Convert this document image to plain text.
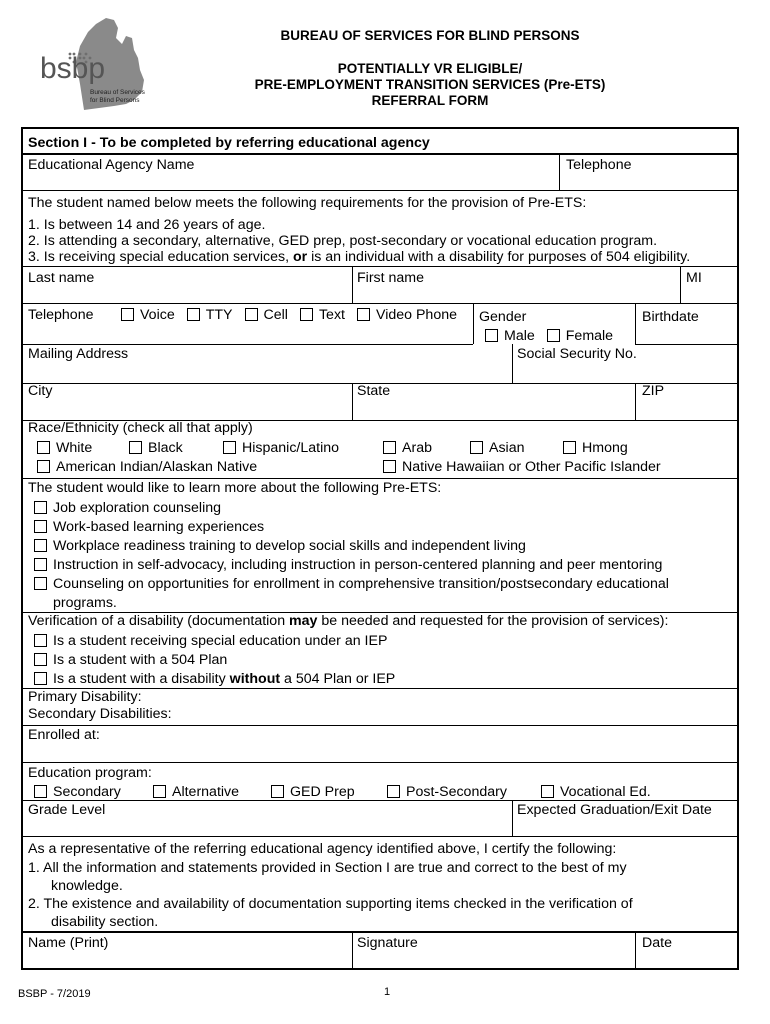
bsbp
Bureau of Services
for Blind Persons
BUREAU OF SERVICES FOR BLIND PERSONS
POTENTIALLY VR ELIGIBLE/
PRE-EMPLOYMENT TRANSITION SERVICES (Pre-ETS)
REFERRAL FORM
Section I - To be completed by referring educational agency
Educational Agency Name	Telephone
The student named below meets the following requirements for the provision of Pre-ETS:
1. Is between 14 and 26 years of age.
2. Is attending a secondary, alternative, GED prep, post-secondary or vocational education program.
3. Is receiving special education services, or is an individual with a disability for purposes of 504 eligibility.
Last name	First name	MI
Telephone	Voice TTY Cell Text Video Phone Gender
Male Female
Birthdate
Mailing Address	Social Security No.
City	State	ZIP
Race/Ethnicity (check all that apply)
White	Black	Hispanic/Latino	Arab	Asian	Hmong
American Indian/Alaskan Native	Native Hawaiian or Other Pacific Islander
The student would like to learn more about the following Pre-ETS:
Job exploration counseling
Work-based learning experiences
Workplace readiness training to develop social skills and independent living
Instruction in self-advocacy, including instruction in person-centered planning and peer mentoring
Counseling on opportunities for enrollment in comprehensive transition/postsecondary educational
programs.
Verification of a disability (documentation may be needed and requested for the provision of services):
Is a student receiving special education under an IEP
Is a student with a 504 Plan
Is a student with a disability without a 504 Plan or IEP
Primary Disability:
Secondary Disabilities:
Enrolled at:
Education program:
Secondary	Alternative	GED Prep	Post-Secondary	Vocational Ed.
Grade Level	Expected Graduation/Exit Date
As a representative of the referring educational agency identified above, I certify the following:
1. All the information and statements provided in Section I are true and correct to the best of my
knowledge.
2. The existence and availability of documentation supporting items checked in the verification of
disability section.
Name (Print)	Signature	Date
BSBP - 7/2019	1
